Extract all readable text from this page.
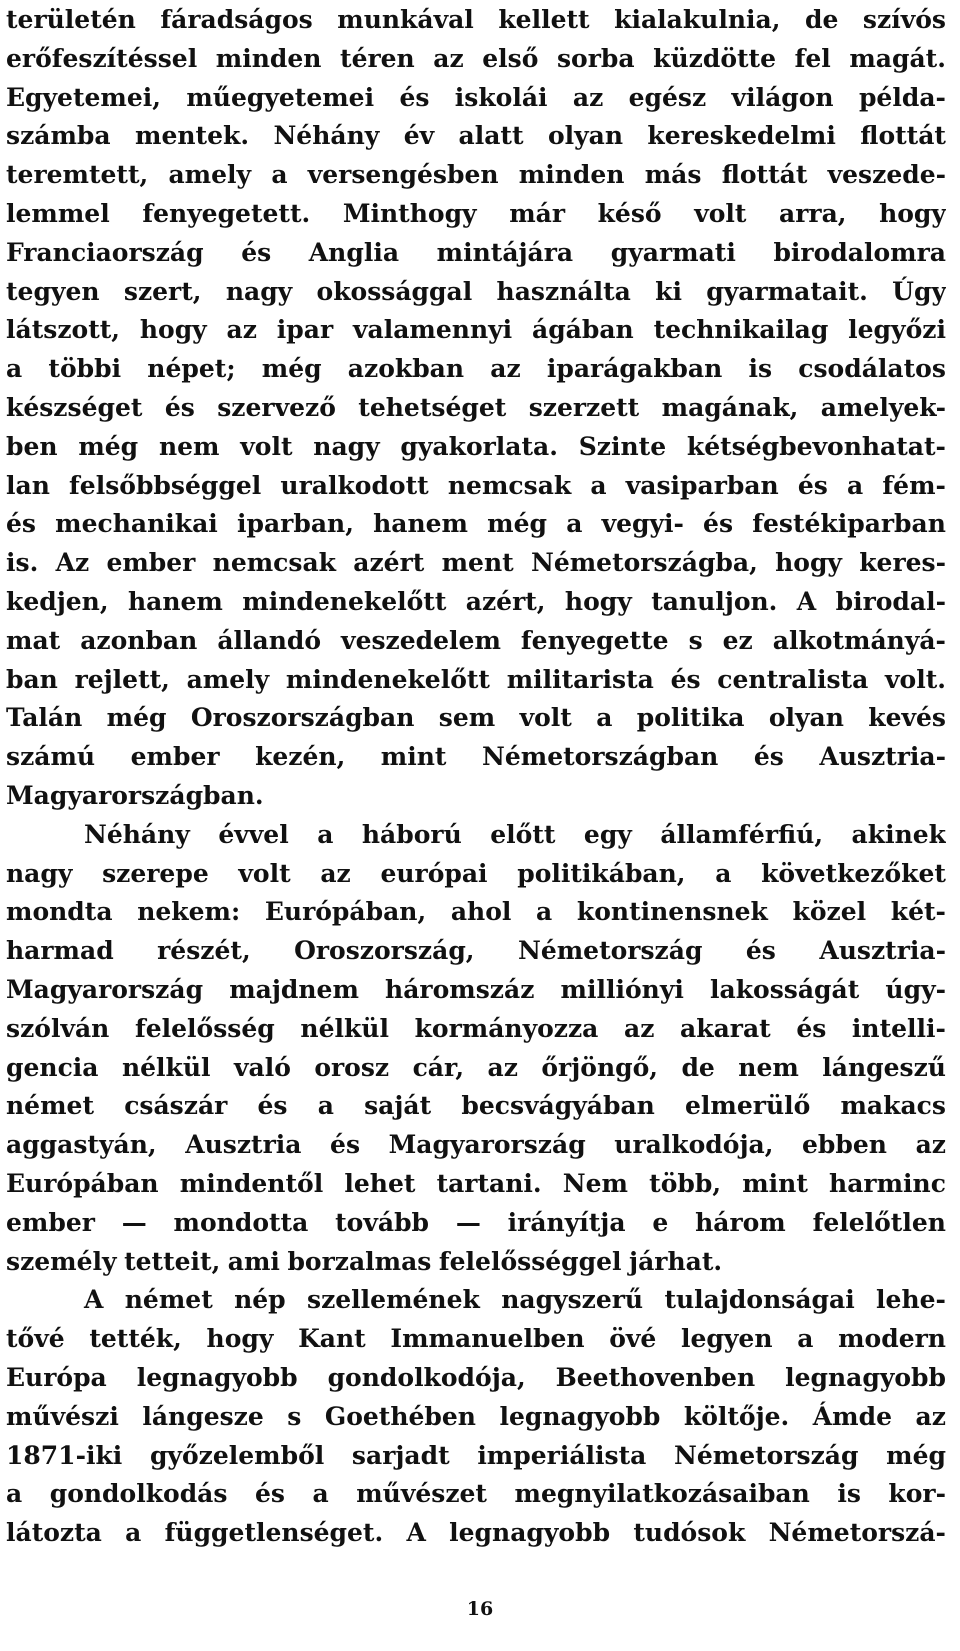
területén fáradságos munkával kellett kialakulnia, de szívós
erőfeszítéssel minden téren az első sorba küzdötte fel magát.
Egyetemei, műegyetemei és iskolái az egész világon példa-
számba mentek. Néhány év alatt olyan kereskedelmi flottát
teremtett, amely a versengésben minden más flottát veszede-
lemmel fenyegetett. Minthogy már késő volt arra, hogy
Franciaország és Anglia mintájára gyarmati birodalomra
tegyen szert, nagy okossággal használta ki gyarmatait. Úgy
látszott, hogy az ipar valamennyi ágában technikailag legyőzi
a többi népet; még azokban az iparágakban is csodálatos
készséget és szervező tehetséget szerzett magának, amelyek-
ben még nem volt nagy gyakorlata. Szinte kétségbevonhatat-
lan felsőbbséggel uralkodott nemcsak a vasiparban és a fém-
és mechanikai iparban, hanem még a vegyi- és festékiparban
is. Az ember nemcsak azért ment Németországba, hogy keres-
kedjen, hanem mindenekelőtt azért, hogy tanuljon. A birodal-
mat azonban állandó veszedelem fenyegette s ez alkotmányá-
ban rejlett, amely mindenekelőtt militarista és centralista volt.
Talán még Oroszországban sem volt a politika olyan kevés
számú ember kezén, mint Németországban és Ausztria-
Magyarországban.
Néhány évvel a háború előtt egy államférfiú, akinek
nagy szerepe volt az európai politikában, a következőket
mondta nekem: Európában, ahol a kontinensnek közel két-
harmad részét, Oroszország, Németország és Ausztria-
Magyarország majdnem háromszáz milliónyi lakosságát úgy-
szólván felelősség nélkül kormányozza az akarat és intelli-
gencia nélkül való orosz cár, az őrjöngő, de nem lángeszű
német császár és a saját becsvágyában elmerülő makacs
aggastyán, Ausztria és Magyarország uralkodója, ebben az
Európában mindentől lehet tartani. Nem több, mint harminc
ember — mondotta tovább — irányítja e három felelőtlen
személy tetteit, ami borzalmas felelősséggel járhat.
A német nép szellemének nagyszerű tulajdonságai lehe-
tővé tették, hogy Kant Immanuelben övé legyen a modern
Európa legnagyobb gondolkodója, Beethovenben legnagyobb
művészi lángesze s Goethében legnagyobb költője. Ámde az
1871-iki győzelemből sarjadt imperiálista Németország még
a gondolkodás és a művészet megnyilatkozásaiban is kor-
látozta a függetlenséget. A legnagyobb tudósok Németorszá-
16
